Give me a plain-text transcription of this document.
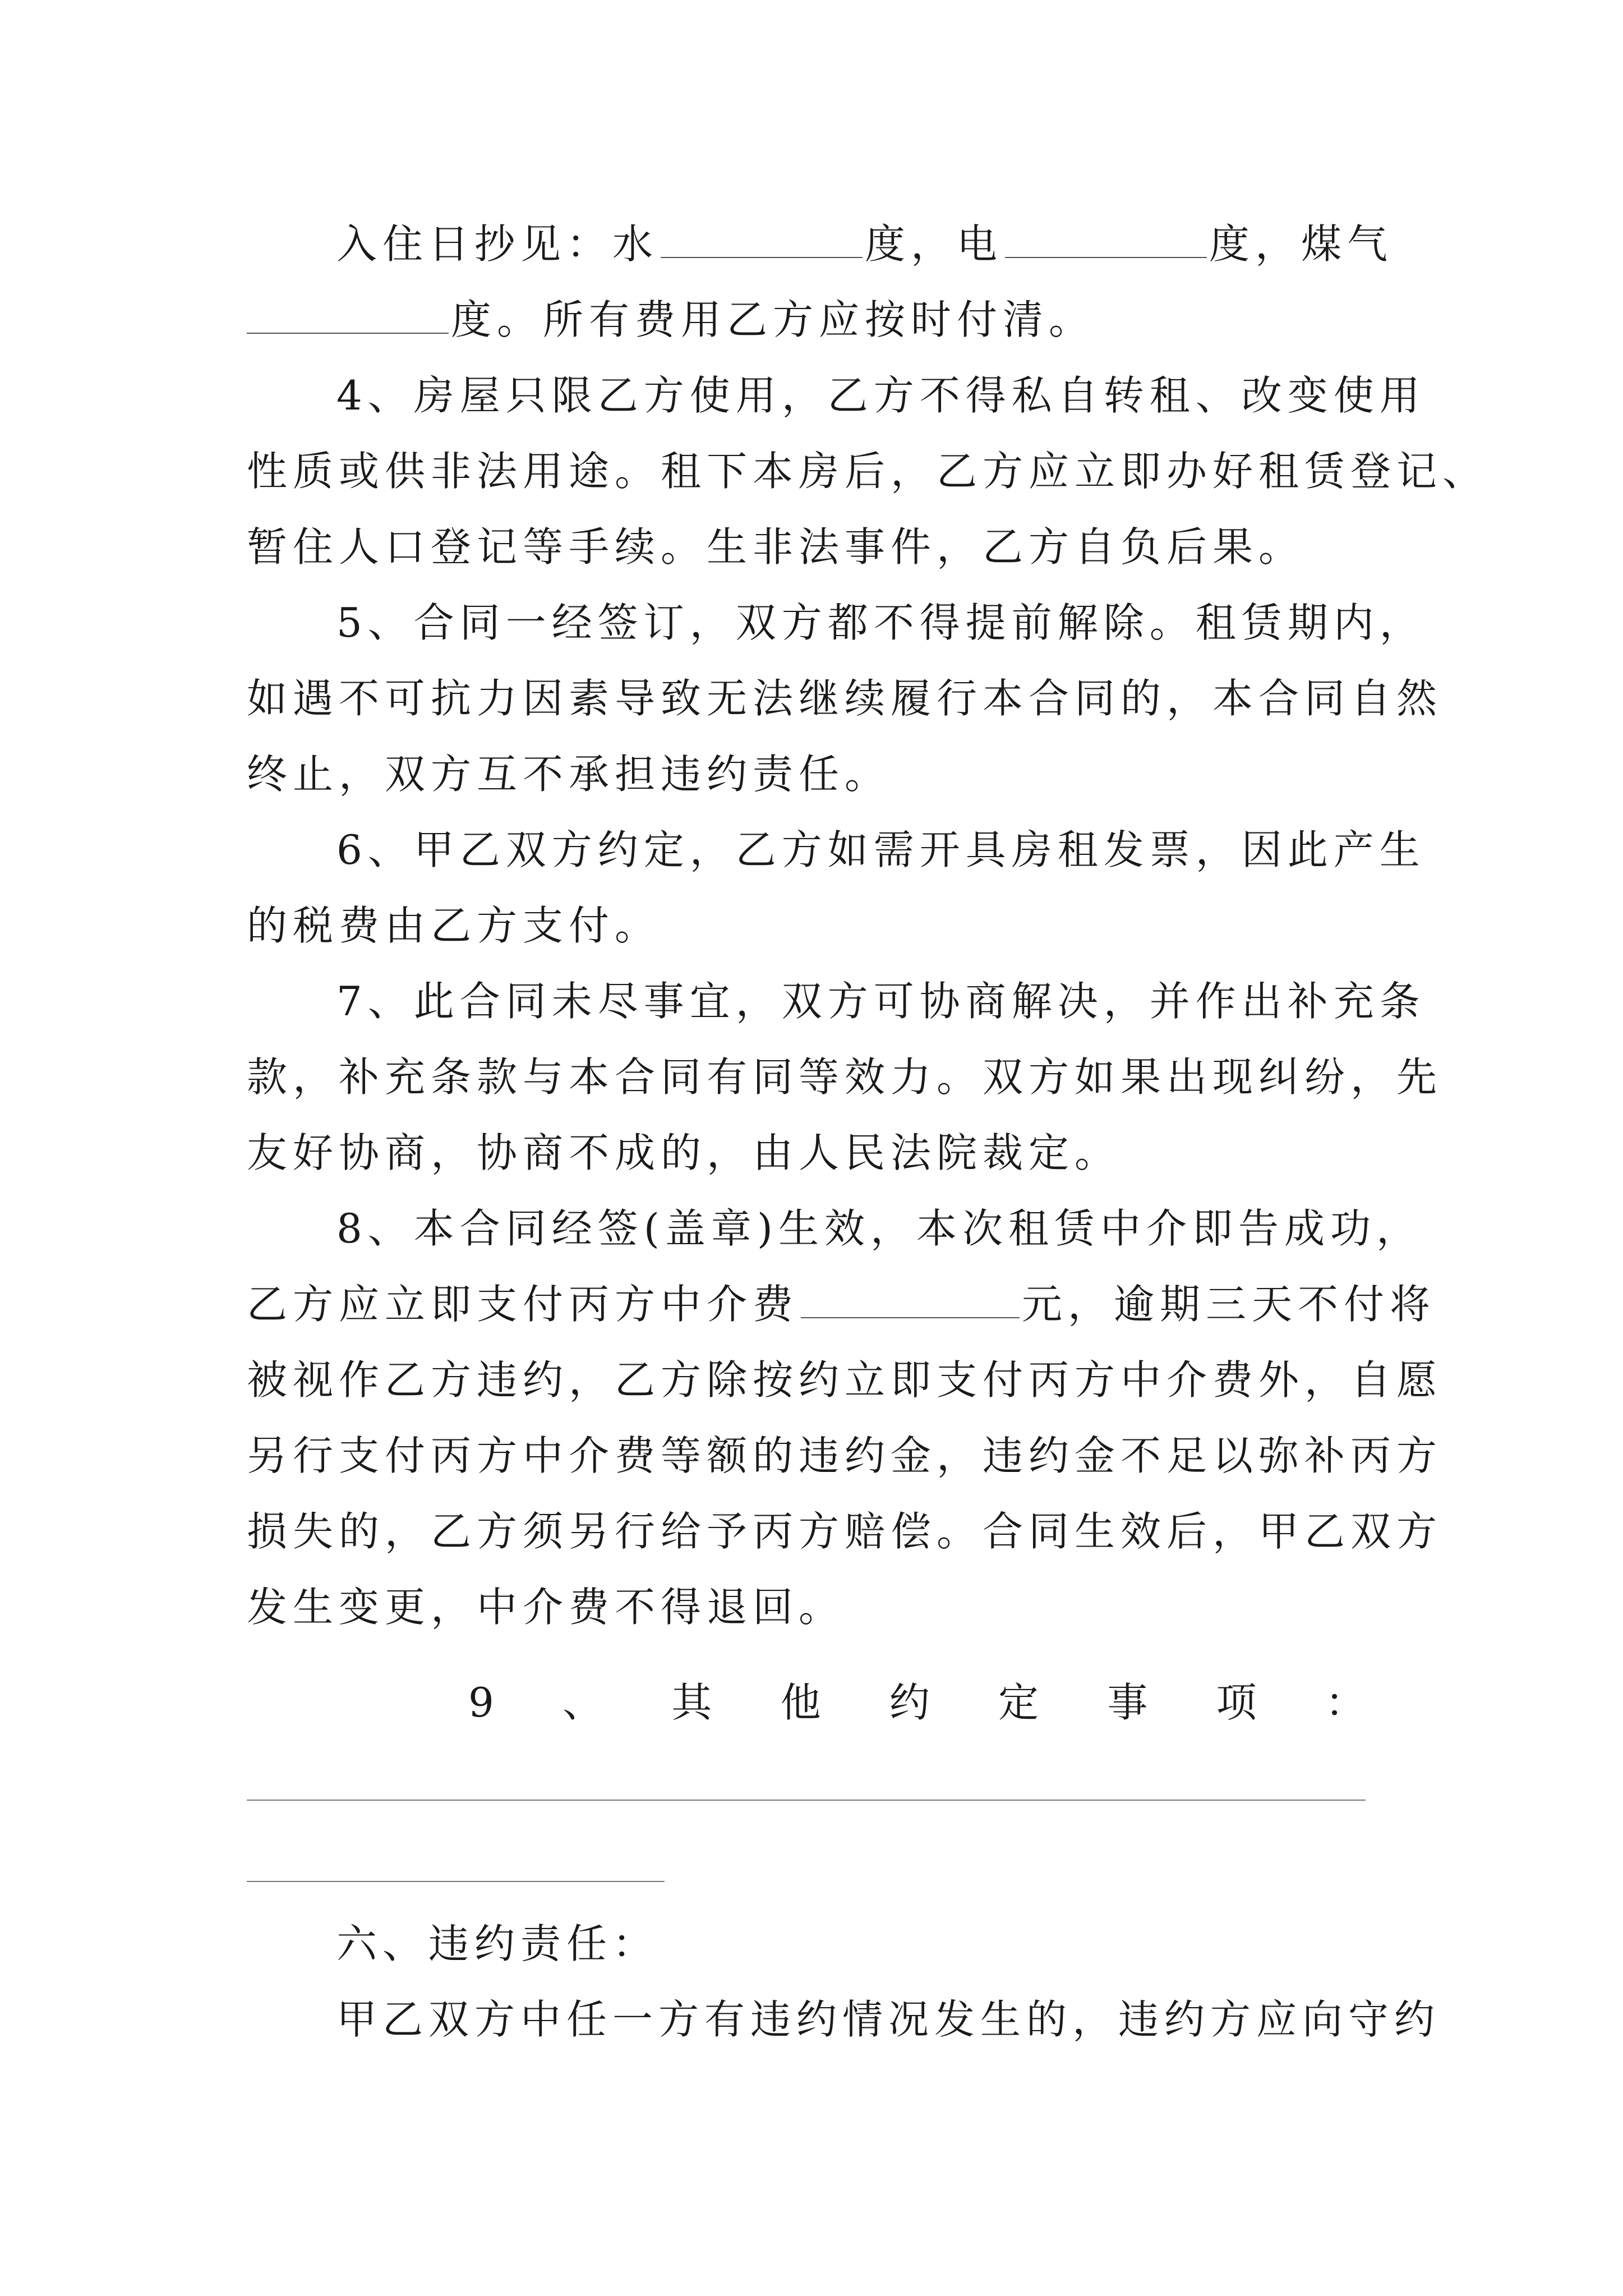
入住日抄见：水	度，电	度，煤气
度。所有费用乙方应按时付清。
4、房屋只限乙方使用，乙方不得私自转租、改变使用
性质或供非法用途。租下本房后，乙方应立即办好租赁登记、
暂住人口登记等手续。生非法事件，乙方自负后果。
5、合同一经签订，双方都不得提前解除。租赁期内，
如遇不可抗力因素导致无法继续履行本合同的，本合同自然
终止，双方互不承担违约责任。
6、甲乙双方约定，乙方如需开具房租发票，因此产生
的税费由乙方支付。
7、此合同未尽事宜，双方可协商解决，并作出补充条
款，补充条款与本合同有同等效力。双方如果出现纠纷，先
友好协商，协商不成的，由人民法院裁定。
8、本合同经签(盖章)生效，本次租赁中介即告成功，
乙方应立即支付丙方中介费	元，逾期三天不付将
被视作乙方违约，乙方除按约立即支付丙方中介费外，自愿
另行支付丙方中介费等额的违约金，违约金不足以弥补丙方
损失的，乙方须另行给予丙方赔偿。合同生效后，甲乙双方
发生变更，中介费不得退回。
9 、 其 他 约 定 事 项 ：
六、违约责任：
甲乙双方中任一方有违约情况发生的，违约方应向守约
